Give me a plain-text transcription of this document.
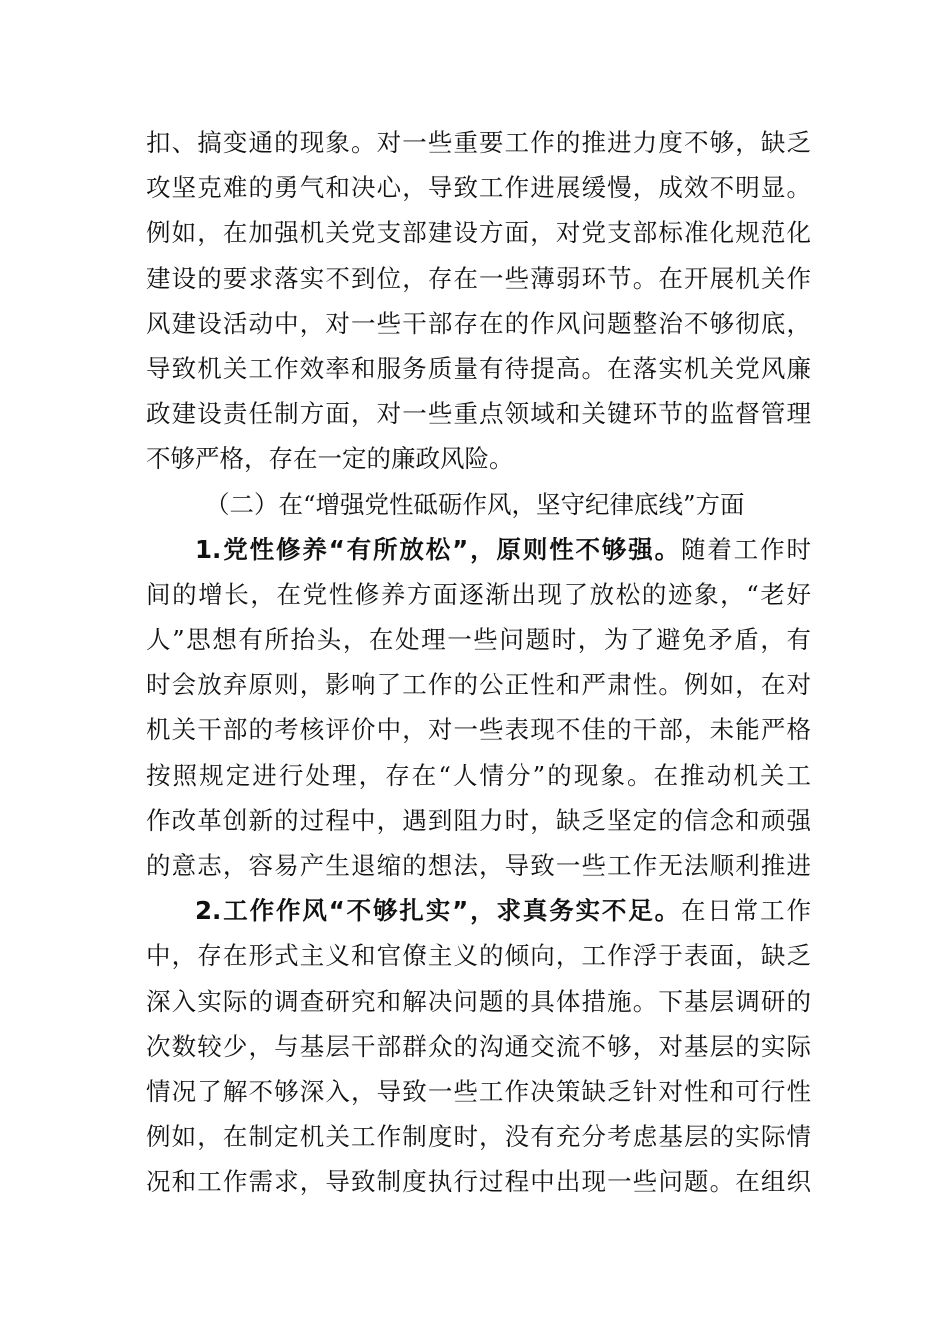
扣、搞变通的现象。对一些重要工作的推进力度不够，缺乏
攻坚克难的勇气和决心，导致工作进展缓慢，成效不明显。
例如，在加强机关党支部建设方面，对党支部标准化规范化
建设的要求落实不到位，存在一些薄弱环节。在开展机关作
风建设活动中，对一些干部存在的作风问题整治不够彻底，
导致机关工作效率和服务质量有待提高。在落实机关党风廉
政建设责任制方面，对一些重点领域和关键环节的监督管理
不够严格，存在一定的廉政风险。
（二）在“增强党性砥砺作风，坚守纪律底线”方面
1.党性修养“有所放松”，原则性不够强。随着工作时
间的增长，在党性修养方面逐渐出现了放松的迹象，“老好
人”思想有所抬头，在处理一些问题时，为了避免矛盾，有
时会放弃原则，影响了工作的公正性和严肃性。例如，在对
机关干部的考核评价中，对一些表现不佳的干部，未能严格
按照规定进行处理，存在“人情分”的现象。在推动机关工
作改革创新的过程中，遇到阻力时，缺乏坚定的信念和顽强
的意志，容易产生退缩的想法，导致一些工作无法顺利推进
2.工作作风“不够扎实”，求真务实不足。在日常工作
中，存在形式主义和官僚主义的倾向，工作浮于表面，缺乏
深入实际的调查研究和解决问题的具体措施。下基层调研的
次数较少，与基层干部群众的沟通交流不够，对基层的实际
情况了解不够深入，导致一些工作决策缺乏针对性和可行性
例如，在制定机关工作制度时，没有充分考虑基层的实际情
况和工作需求，导致制度执行过程中出现一些问题。在组织
